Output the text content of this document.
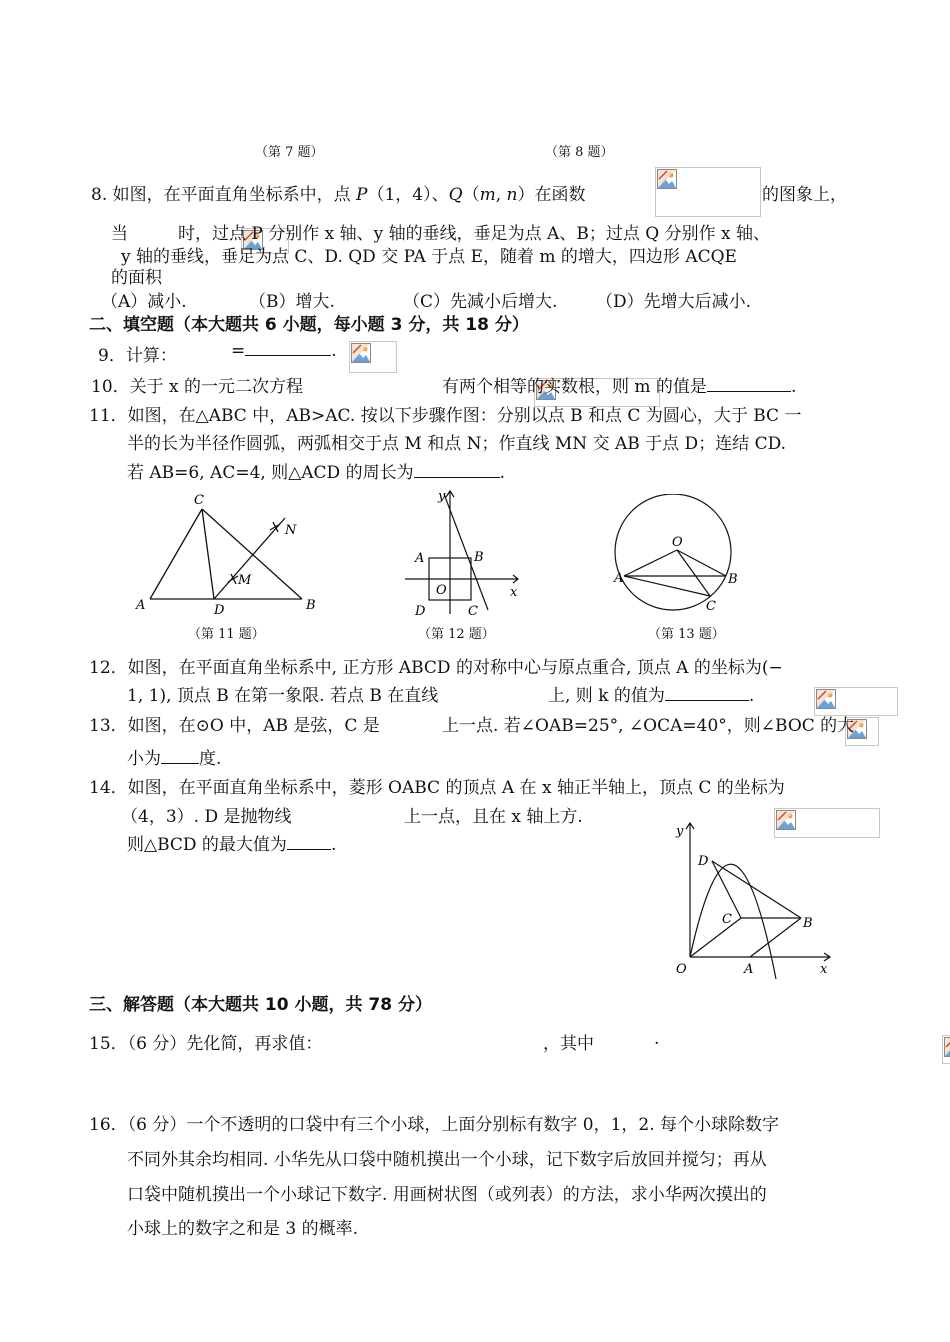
（第 7 题）	（第 8 题）
8. 如图，在平面直角坐标系中，点 P（1，4）、Q（m, n）在函数
	的图象上，
当
	时，过点 P 分别作 x 轴、y 轴的垂线，垂足为点 A、B；过点 Q 分别作 x 轴、
y 轴的垂线，垂足为点 C、D. QD 交 PA 于点 E，随着 m 的增大，四边形 ACQE
的面积
（A）减小.	（B）增大.	（C）先减小后增大. （D）先增大后减小.
二、填空题（本大题共 6 小题，每小题 3 分，共 18 分）
9．计算：
	=	.
10．关于 x 的一元二次方程
	有两个相等的实数根，则 m 的值是	.
11．如图，在△ABC 中，AB>AC. 按以下步骤作图：分别以点 B 和点 C 为圆心，大于 BC 一
半的长为半径作圆弧，两弧相交于点 M 和点 N；作直线 MN 交 AB 于点 D；连结 CD.
若 AB=6, AC=4, 则△ACD 的周长为	.
A	B
C
D
M
N
（第 11 题）
y
x
A	B
C
D
O
（第 12 题）
O
A	B
C
（第 13 题）
12．如图，在平面直角坐标系中, 正方形 ABCD 的对称中心与原点重合, 顶点 A 的坐标为(−
1, 1), 顶点 B 在第一象限. 若点 B 在直线
	上, 则 k 的值为	.
13．如图，在⊙O 中，AB 是弦，C 是
	上一点. 若∠OAB=25°, ∠OCA=40°，则∠BOC 的大
小为 度.
14．如图，在平面直角坐标系中，菱形 OABC 的顶点 A 在 x 轴正半轴上，顶点 C 的坐标为
（4，3）. D 是抛物线
	上一点，且在 x 轴上方.
则△BCD 的最大值为	.
y
x
O	A
B
C
D
三、解答题（本大题共 10 小题，共 78 分）
15．（6 分）先化简，再求值：
	，其中	.
16．（6 分）一个不透明的口袋中有三个小球，上面分别标有数字 0，1，2. 每个小球除数字
不同外其余均相同. 小华先从口袋中随机摸出一个小球，记下数字后放回并搅匀；再从
口袋中随机摸出一个小球记下数字. 用画树状图（或列表）的方法，求小华两次摸出的
小球上的数字之和是 3 的概率.
